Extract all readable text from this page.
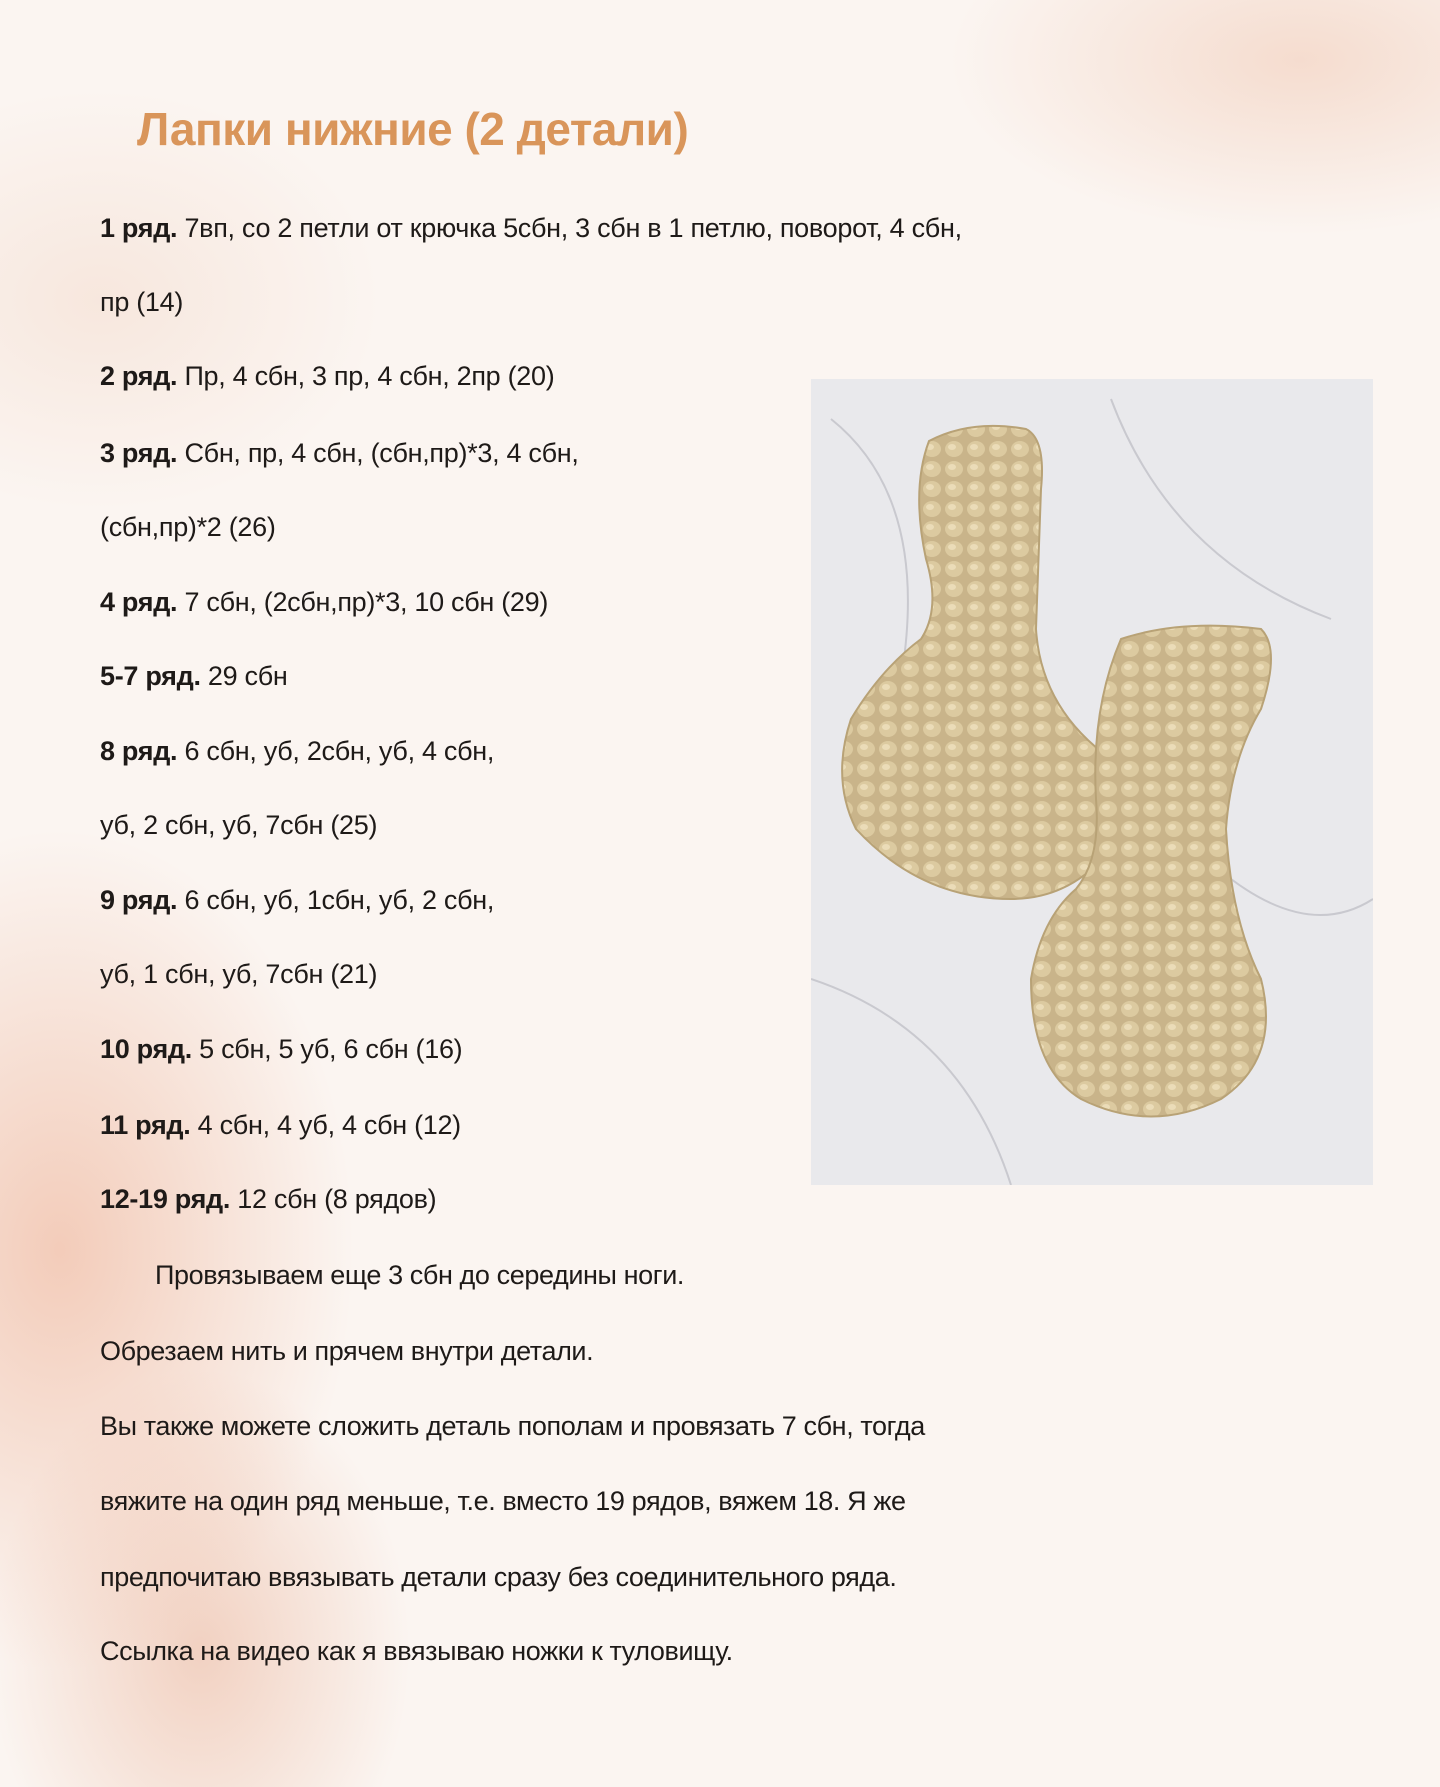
Лапки нижние (2 детали)
1 ряд. 7вп, со 2 петли от крючка 5сбн, 3 сбн в 1 петлю, поворот, 4 сбн,
пр (14)
2 ряд. Пр, 4 сбн, 3 пр, 4 сбн, 2пр (20)
3 ряд. Сбн, пр, 4 сбн, (сбн,пр)*3, 4 сбн,
(сбн,пр)*2 (26)
4 ряд. 7 сбн, (2сбн,пр)*3, 10 сбн (29)
5-7 ряд. 29 сбн
8 ряд. 6 сбн, уб, 2сбн, уб, 4 сбн,
уб, 2 сбн, уб, 7сбн (25)
9 ряд. 6 сбн, уб, 1сбн, уб, 2 сбн,
уб, 1 сбн, уб, 7сбн (21)
10 ряд. 5 сбн, 5 уб, 6 сбн (16)
11 ряд. 4 сбн, 4 уб, 4 сбн (12)
12-19 ряд. 12 сбн (8 рядов)
Провязываем еще 3 сбн до середины ноги.
Обрезаем нить и прячем внутри детали.
Вы также можете сложить деталь пополам и провязать 7 сбн, тогда
вяжите на один ряд меньше, т.е. вместо 19 рядов, вяжем 18. Я же
предпочитаю ввязывать детали сразу без соединительного ряда.
Ссылка на видео как я ввязываю ножки к туловищу.
